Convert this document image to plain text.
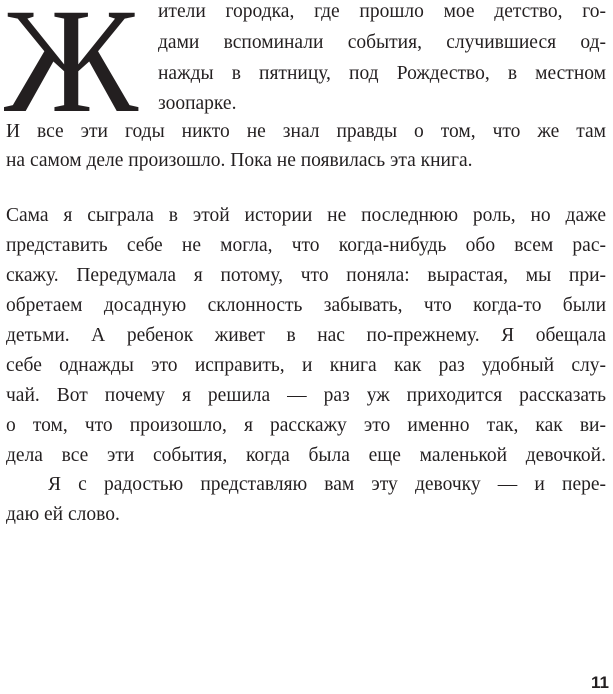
Ж ители городка, где прошло мое детство, го-
дами вспоминали события, случившиеся од-
нажды в пятницу, под Рождество, в местном
зоопарке.
И все эти годы никто не знал правды о том, что же там
на самом деле произошло. Пока не появилась эта книга.
Сама я сыграла в этой истории не последнюю роль, но даже
представить себе не могла, что когда-нибудь обо всем рас-
скажу. Передумала я потому, что поняла: вырастая, мы при-
обретаем досадную склонность забывать, что когда-то были
детьми. А ребенок живет в нас по-прежнему. Я обещала
себе однажды это исправить, и книга как раз удобный слу-
чай. Вот почему я решила — раз уж приходится рассказать
о том, что произошло, я расскажу это именно так, как ви-
дела все эти события, когда была еще маленькой девочкой.
Я с радостью представляю вам эту девочку — и пере-
даю ей слово.
11
